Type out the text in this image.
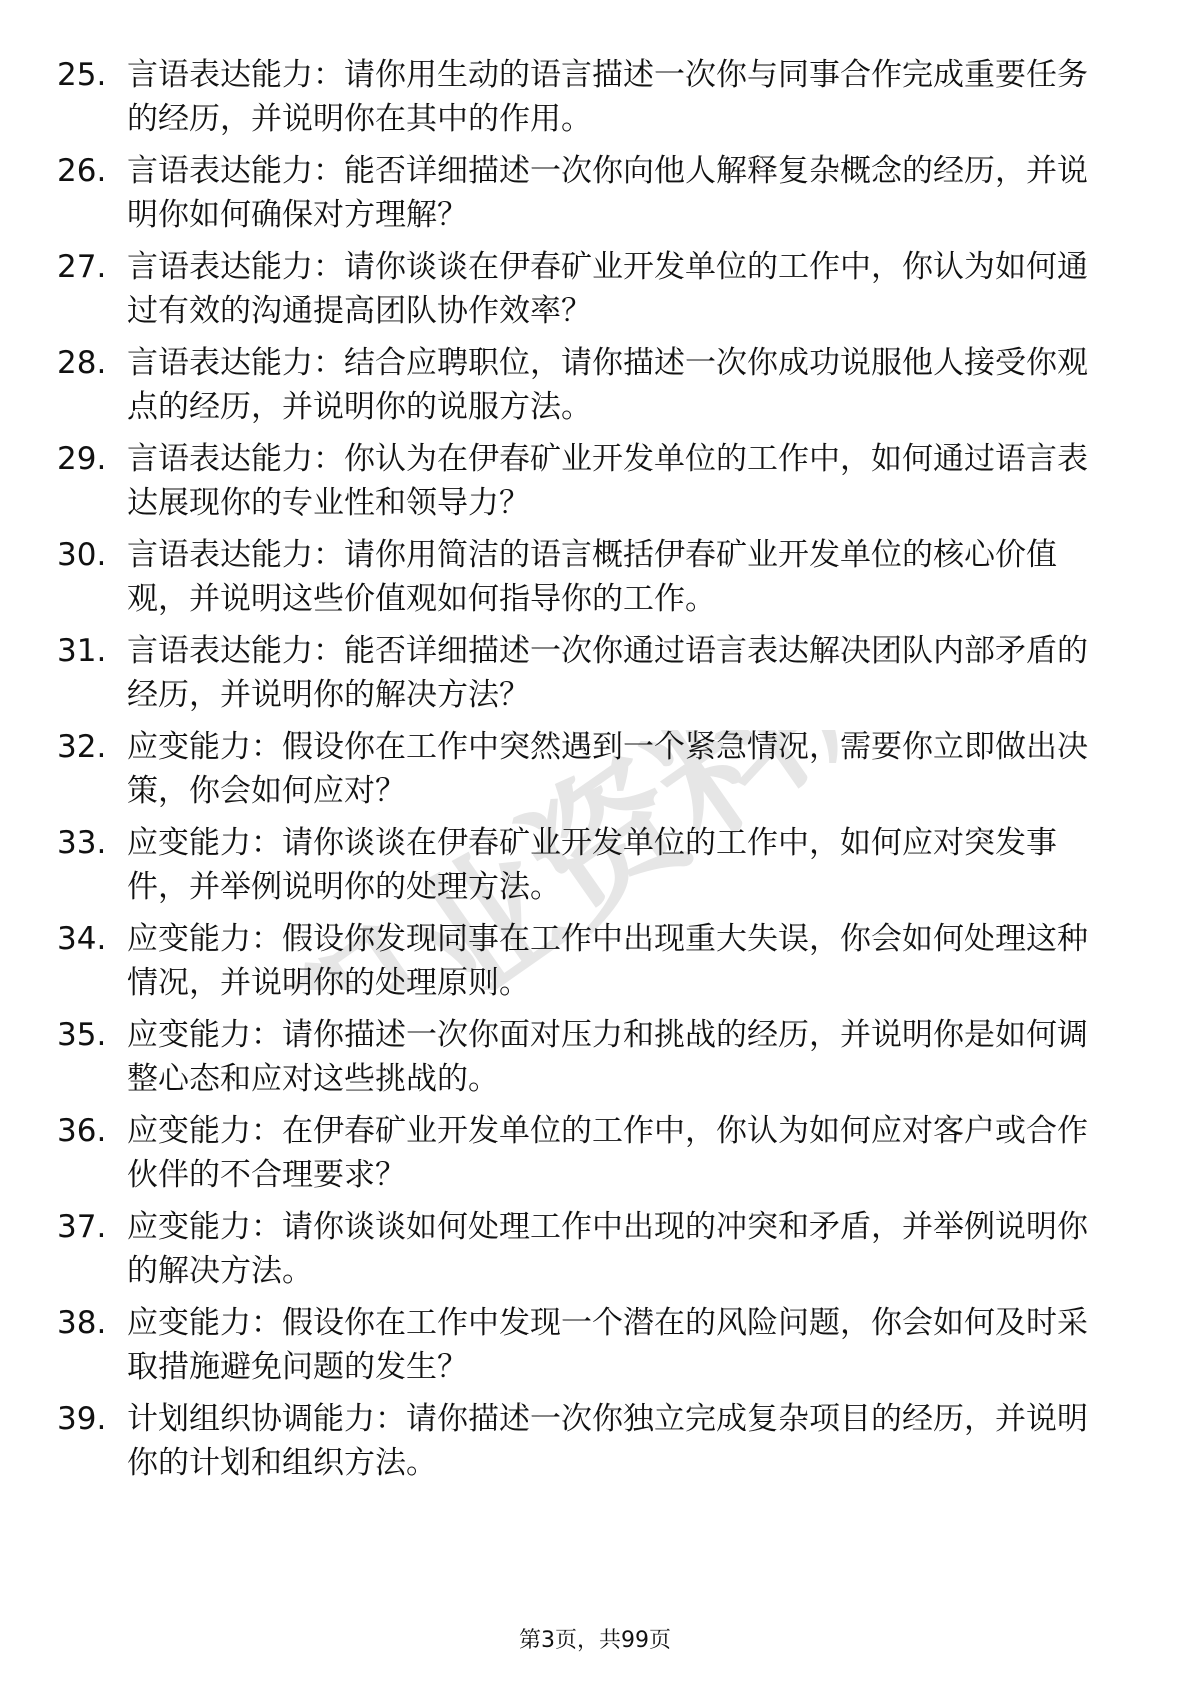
25. 言语表达能力：请你用生动的语言描述一次你与同事合作完成重要任务的经历，并说明你在其中的作用。
26. 言语表达能力：能否详细描述一次你向他人解释复杂概念的经历，并说明你如何确保对方理解？
27. 言语表达能力：请你谈谈在伊春矿业开发单位的工作中，你认为如何通过有效的沟通提高团队协作效率？
28. 言语表达能力：结合应聘职位，请你描述一次你成功说服他人接受你观点的经历，并说明你的说服方法。
29. 言语表达能力：你认为在伊春矿业开发单位的工作中，如何通过语言表达展现你的专业性和领导力？
30. 言语表达能力：请你用简洁的语言概括伊春矿业开发单位的核心价值观，并说明这些价值观如何指导你的工作。
31. 言语表达能力：能否详细描述一次你通过语言表达解决团队内部矛盾的经历，并说明你的解决方法？
32. 应变能力：假设你在工作中突然遇到一个紧急情况，需要你立即做出决策，你会如何应对？
33. 应变能力：请你谈谈在伊春矿业开发单位的工作中，如何应对突发事件，并举例说明你的处理方法。
34. 应变能力：假设你发现同事在工作中出现重大失误，你会如何处理这种情况，并说明你的处理原则。
35. 应变能力：请你描述一次你面对压力和挑战的经历，并说明你是如何调整心态和应对这些挑战的。
36. 应变能力：在伊春矿业开发单位的工作中，你认为如何应对客户或合作伙伴的不合理要求？
37. 应变能力：请你谈谈如何处理工作中出现的冲突和矛盾，并举例说明你的解决方法。
38. 应变能力：假设你在工作中发现一个潜在的风险问题，你会如何及时采取措施避免问题的发生？
39. 计划组织协调能力：请你描述一次你独立完成复杂项目的经历，并说明你的计划和组织方法。
第3页，共99页
